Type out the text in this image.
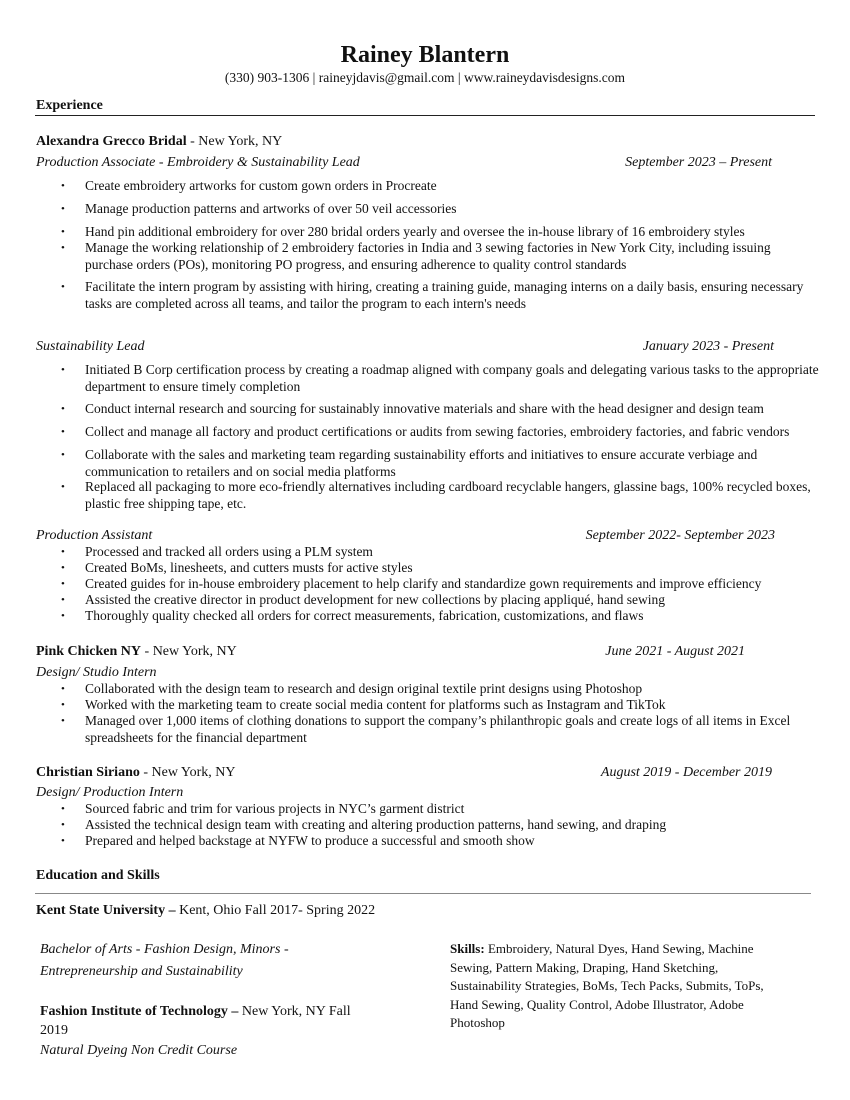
Rainey Blantern
(330) 903-1306 | raineyjdavis@gmail.com | www.raineydavisdesigns.com
Experience
Alexandra Grecco Bridal - New York, NY
Production Associate - Embroidery & Sustainability Lead	September 2023 – Present
• Create embroidery artworks for custom gown orders in Procreate
• Manage production patterns and artworks of over 50 veil accessories
• Hand pin additional embroidery for over 280 bridal orders yearly and oversee the in-house library of 16 embroidery styles
• Manage the working relationship of 2 embroidery factories in India and 3 sewing factories in New York City, including issuing purchase orders (POs), monitoring PO progress, and ensuring adherence to quality control standards
• Facilitate the intern program by assisting with hiring, creating a training guide, managing interns on a daily basis, ensuring necessary tasks are completed across all teams, and tailor the program to each intern's needs
Sustainability Lead	January 2023 - Present
• Initiated B Corp certification process by creating a roadmap aligned with company goals and delegating various tasks to the appropriate department to ensure timely completion
• Conduct internal research and sourcing for sustainably innovative materials and share with the head designer and design team
• Collect and manage all factory and product certifications or audits from sewing factories, embroidery factories, and fabric vendors
• Collaborate with the sales and marketing team regarding sustainability efforts and initiatives to ensure accurate verbiage and communication to retailers and on social media platforms
• Replaced all packaging to more eco-friendly alternatives including cardboard recyclable hangers, glassine bags, 100% recycled boxes, plastic free shipping tape, etc.
Production Assistant	September 2022- September 2023
• Processed and tracked all orders using a PLM system
• Created BoMs, linesheets, and cutters musts for active styles
• Created guides for in-house embroidery placement to help clarify and standardize gown requirements and improve efficiency
• Assisted the creative director in product development for new collections by placing appliqué, hand sewing
• Thoroughly quality checked all orders for correct measurements, fabrication, customizations, and flaws
Pink Chicken NY - New York, NY	June 2021 - August 2021
Design/ Studio Intern
• Collaborated with the design team to research and design original textile print designs using Photoshop
• Worked with the marketing team to create social media content for platforms such as Instagram and TikTok
• Managed over 1,000 items of clothing donations to support the company’s philanthropic goals and create logs of all items in Excel spreadsheets for the financial department
Christian Siriano - New York, NY	August 2019 - December 2019
Design/ Production Intern
• Sourced fabric and trim for various projects in NYC’s garment district
• Assisted the technical design team with creating and altering production patterns, hand sewing, and draping
• Prepared and helped backstage at NYFW to produce a successful and smooth show
Education and Skills
Kent State University – Kent, Ohio Fall 2017- Spring 2022
Bachelor of Arts - Fashion Design, Minors - Entrepreneurship and Sustainability
Fashion Institute of Technology – New York, NY Fall 2019
Natural Dyeing Non Credit Course
Skills: Embroidery, Natural Dyes, Hand Sewing, Machine Sewing, Pattern Making, Draping, Hand Sketching, Sustainability Strategies, BoMs, Tech Packs, Submits, ToPs, Hand Sewing, Quality Control, Adobe Illustrator, Adobe Photoshop
